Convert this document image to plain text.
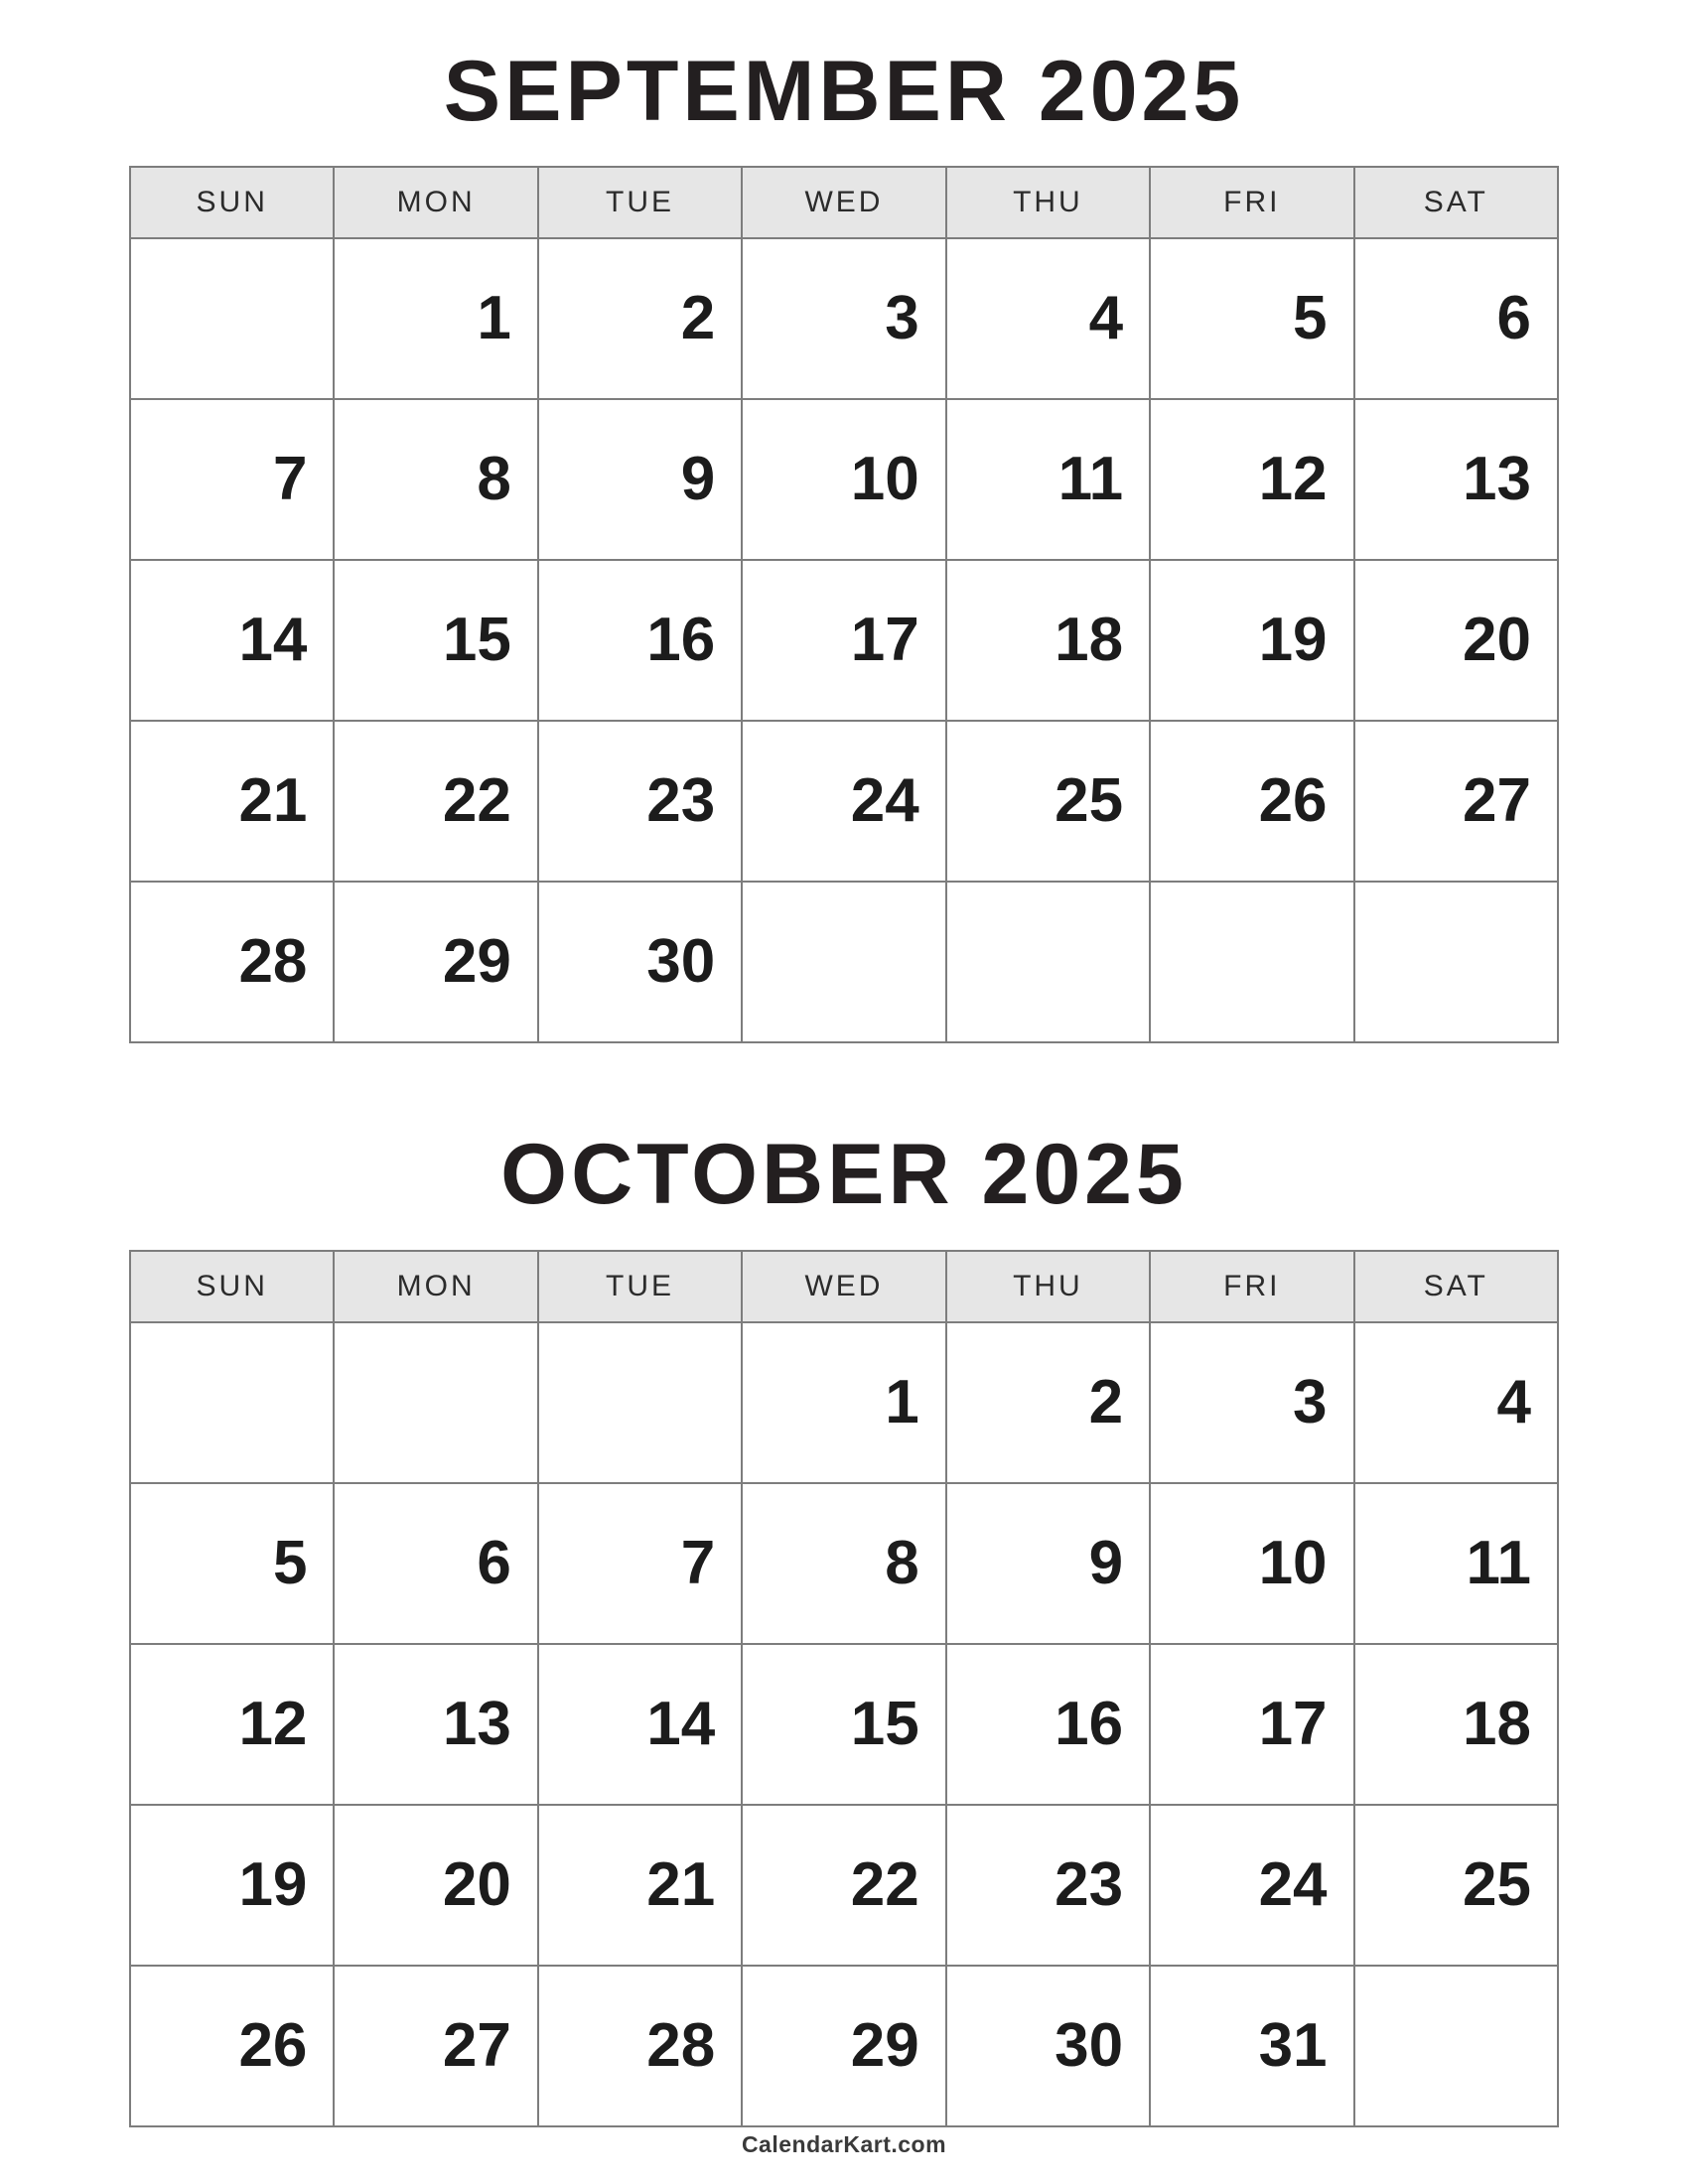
SEPTEMBER 2025
SUN	MON	TUE	WED	THU	FRI	SAT

	1	2	3	4	5	6

7	8	9	10	11	12	13

14	15	16	17	18	19	20

21	22	23	24	25	26	27

28	29	30				

OCTOBER 2025
SUN	MON	TUE	WED	THU	FRI	SAT

			1	2	3	4

5	6	7	8	9	10	11

12	13	14	15	16	17	18

19	20	21	22	23	24	25

26	27	28	29	30	31	

CalendarKart.com
